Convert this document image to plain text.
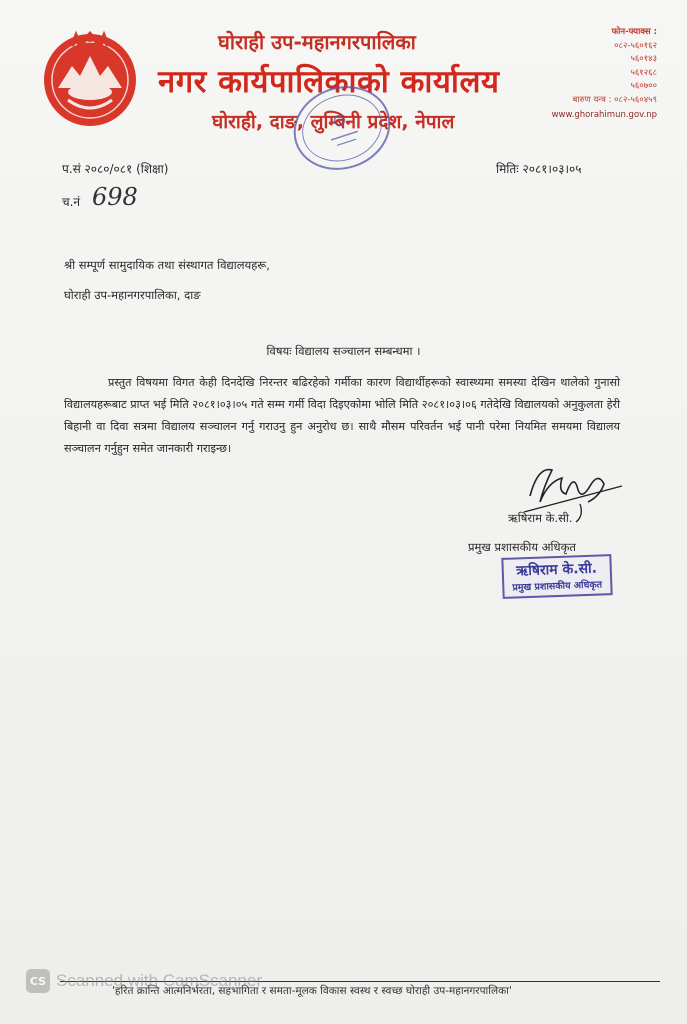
घोराही उप-महानगरपालिका
नगर कार्यपालिकाको कार्यालय
घोराही, दाङ, लुम्बिनी प्रदेश, नेपाल
फोन-फ्याक्स :
०८२-५६०१६२
५६०१४३
५६१२६८
५६०७००
बारुण यन्त्र : ०८२-५६०४५९
www.ghorahimun.gov.np
प.सं २०८०/०८१ (शिक्षा)	मितिः २०८१।०३।०५
च.नं 698
श्री सम्पूर्ण सामुदायिक तथा संस्थागत विद्यालयहरू,
घोराही उप-महानगरपालिका, दाङ
विषयः विद्यालय सञ्चालन सम्बन्धमा ।
प्रस्तुत विषयमा विगत केही दिनदेखि निरन्तर बढिरहेको गर्मीका कारण विद्यार्थीहरूको स्वास्थ्यमा समस्या देखिन थालेको गुनासो विद्यालयहरूबाट प्राप्त भई मिति २०८१।०३।०५ गते सम्म गर्मी विदा दिइएकोमा भोलि मिति २०८१।०३।०६ गतेदेखि विद्यालयको अनुकुलता हेरी बिहानी वा दिवा सत्रमा विद्यालय सञ्चालन गर्नु गराउनु हुन अनुरोध छ। साथै मौसम परिवर्तन भई पानी परेमा नियमित समयमा विद्यालय सञ्चालन गर्नुहुन समेत जानकारी गराइन्छ।
ऋषिराम के.सी.
प्रमुख प्रशासकीय अधिकृत
ऋषिराम के.सी.
प्रमुख प्रशासकीय अधिकृत
'हरित क्रान्ति आत्मनिर्भरता, सहभागिता र समता-मूलक विकास स्वस्थ र स्वच्छ घोराही उप-महानगरपालिका'
CS Scanned with CamScanner
